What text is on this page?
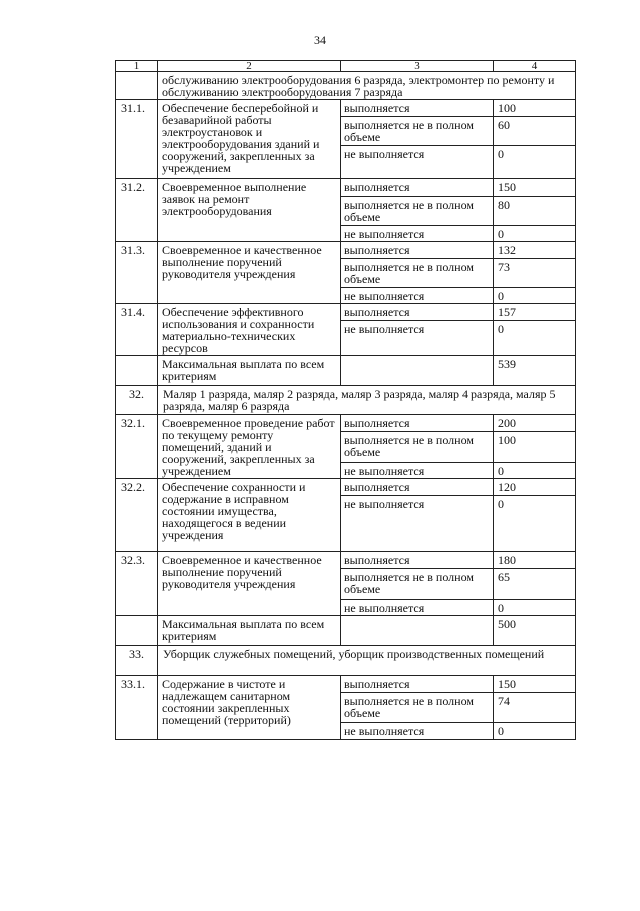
34
1	2	3	4
	обслуживанию электрооборудования 6 разряда, электромонтер по ремонту и обслуживанию электрооборудования 7 разряда		
31.1.	Обеспечение бесперебойной и безаварийной работы электроустановок и электрооборудования зданий и сооружений, закрепленных за учреждением	выполняется	100
		выполняется не в полном объеме	60
		не выполняется	0
31.2.	Своевременное выполнение заявок на ремонт электрооборудования	выполняется	150
		выполняется не в полном объеме	80
		не выполняется	0
31.3.	Своевременное и качественное выполнение поручений руководителя учреждения	выполняется	132
		выполняется не в полном объеме	73
		не выполняется	0
31.4.	Обеспечение эффективного использования и сохранности материально-технических ресурсов	выполняется	157
		не выполняется	0
	Максимальная выплата по всем критериям		539
32.	Маляр 1 разряда, маляр 2 разряда, маляр 3 разряда, маляр 4 разряда, маляр 5 разряда, маляр 6 разряда		
32.1.	Своевременное проведение работ по текущему ремонту помещений, зданий и сооружений, закрепленных за учреждением	выполняется	200
		выполняется не в полном объеме	100
		не выполняется	0
32.2.	Обеспечение сохранности и содержание в исправном состоянии имущества, находящегося в ведении учреждения	выполняется	120
		не выполняется	0
32.3.	Своевременное и качественное выполнение поручений руководителя учреждения	выполняется	180
		выполняется не в полном объеме	65
		не выполняется	0
	Максимальная выплата по всем критериям		500
33.	Уборщик служебных помещений, уборщик производственных помещений		
33.1.	Содержание в чистоте и надлежащем санитарном состоянии закрепленных помещений (территорий)	выполняется	150
		выполняется не в полном объеме	74
		не выполняется	0
